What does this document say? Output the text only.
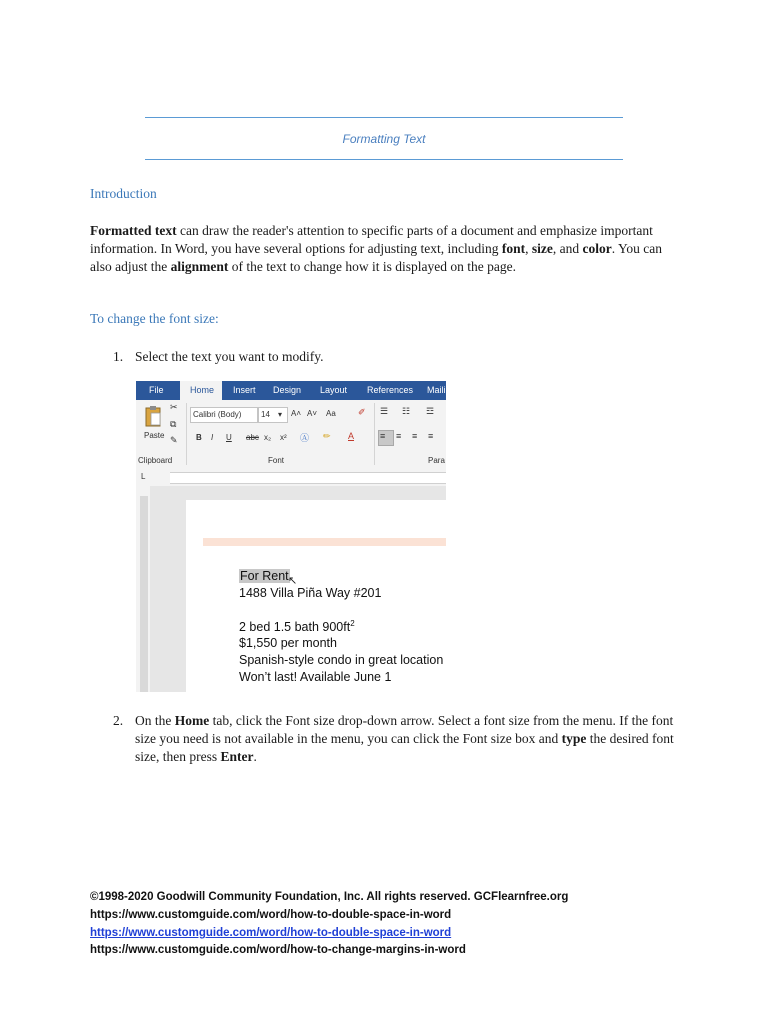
Formatting Text
Introduction

Formatted text can draw the reader's attention to specific parts of a document and emphasize important information. In Word, you have several options for adjusting text, including font, size, and color. You can also adjust the alignment of the text to change how it is displayed on the page.

To change the font size:
1. Select the text you want to modify.
File	Home Insert Design Layout References Maili
Paste
✂
⧉
✎
Clipboard
Calibri (Body) 14 ▾ A˄ A˅ Aa ✐
B I U abc x₂ x² Ⓐ ✏ A
Font
☰ ☷ ☲
≡ ≡ ≡ ≡
Para
L
For Rent ↖
1488 Villa Piña Way #201
2 bed 1.5 bath $900ft^2$
$1,550 per month
Spanish-style condo in great location
Won’t last! Available June 1
2. On the Home tab, click the Font size drop-down arrow. Select a font size from the menu. If the font size you need is not available in the menu, you can click the Font size box and type the desired font size, then press Enter.
©1998-2020 Goodwill Community Foundation, Inc. All rights reserved. GCFlearnfree.org
https://www.customguide.com/word/how-to-double-space-in-word
https://www.customguide.com/word/how-to-double-space-in-word
https://www.customguide.com/word/how-to-change-margins-in-word
